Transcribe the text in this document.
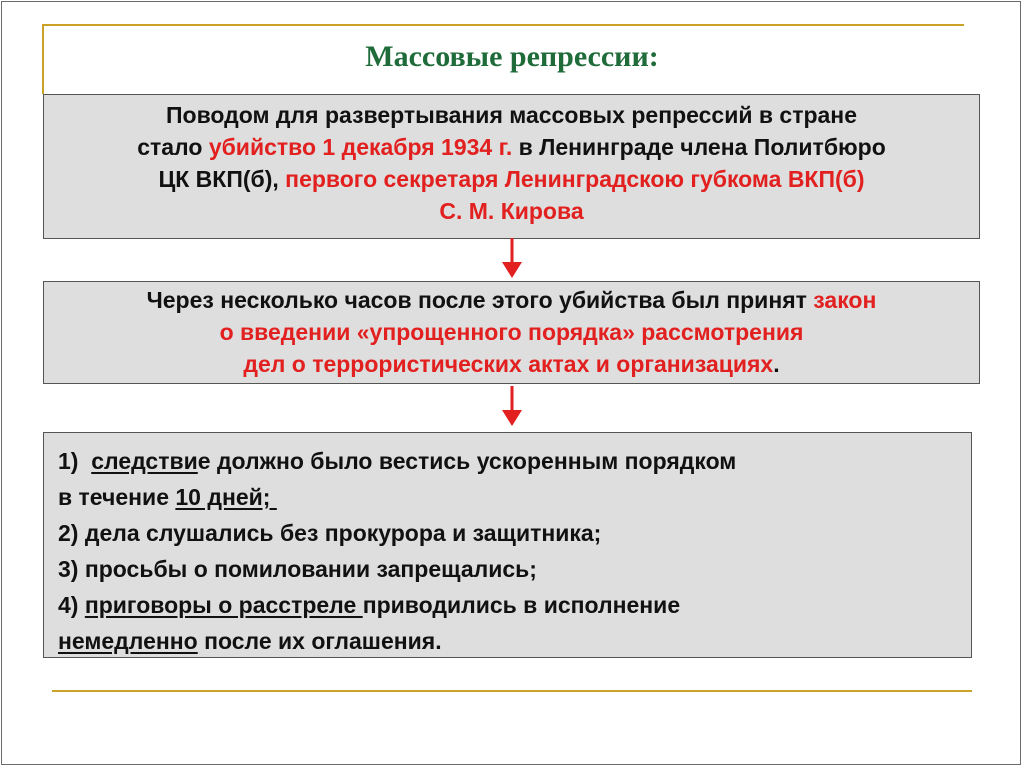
Массовые репрессии:
Поводом для развертывания массовых репрессий в стране
стало убийство 1 декабря 1934 г. в Ленинграде члена Политбюро
ЦК ВКП(б), первого секретаря Ленинградскою губкома ВКП(б)
С. М. Кирова
Через несколько часов после этого убийства был принят закон
о введении «упрощенного порядка» рассмотрения
дел о террористических актах и организациях.
1)  следствие должно было вестись ускоренным порядком
в течение 10 дней;
2) дела слушались без прокурора и защитника;
3) просьбы о помиловании запрещались;
4) приговоры о расстреле приводились в исполнение
немедленно после их оглашения.
